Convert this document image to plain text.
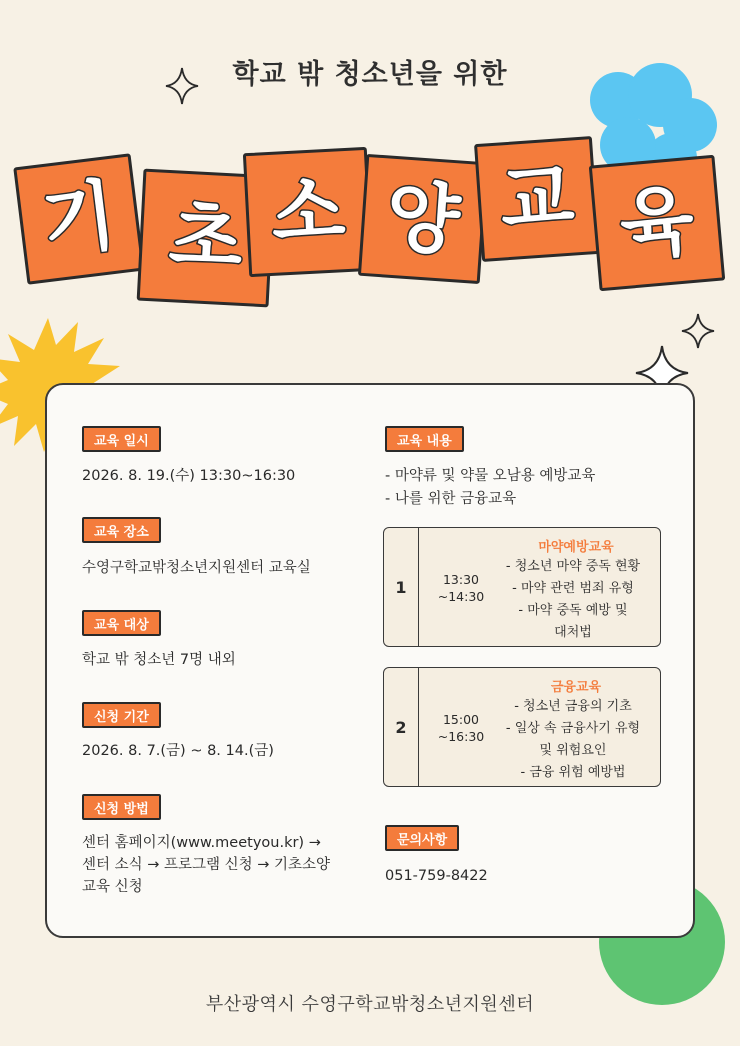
학교 밖 청소년을 위한
기 초 소 양 교 육
교육 일시
2026. 8. 19.(수) 13:30~16:30
교육 장소
수영구학교밖청소년지원센터 교육실
교육 대상
학교 밖 청소년 7명 내외
신청 기간
2026. 8. 7.(금) ~ 8. 14.(금)
신청 방법
센터 홈페이지(www.meetyou.kr) →
센터 소식 → 프로그램 신청 → 기초소양
교육 신청
교육 내용
- 마약류 및 약물 오남용 예방교육
- 나를 위한 금융교육
1	13:30
~14:30
마약예방교육
- 청소년 마약 중독 현황
- 마약 관련 범죄 유형
- 마약 중독 예방 및
대처법
2	15:00
~16:30
금융교육
- 청소년 금융의 기초
- 일상 속 금융사기 유형
및 위험요인
- 금융 위험 예방법
문의사항
051-759-8422
부산광역시 수영구학교밖청소년지원센터
